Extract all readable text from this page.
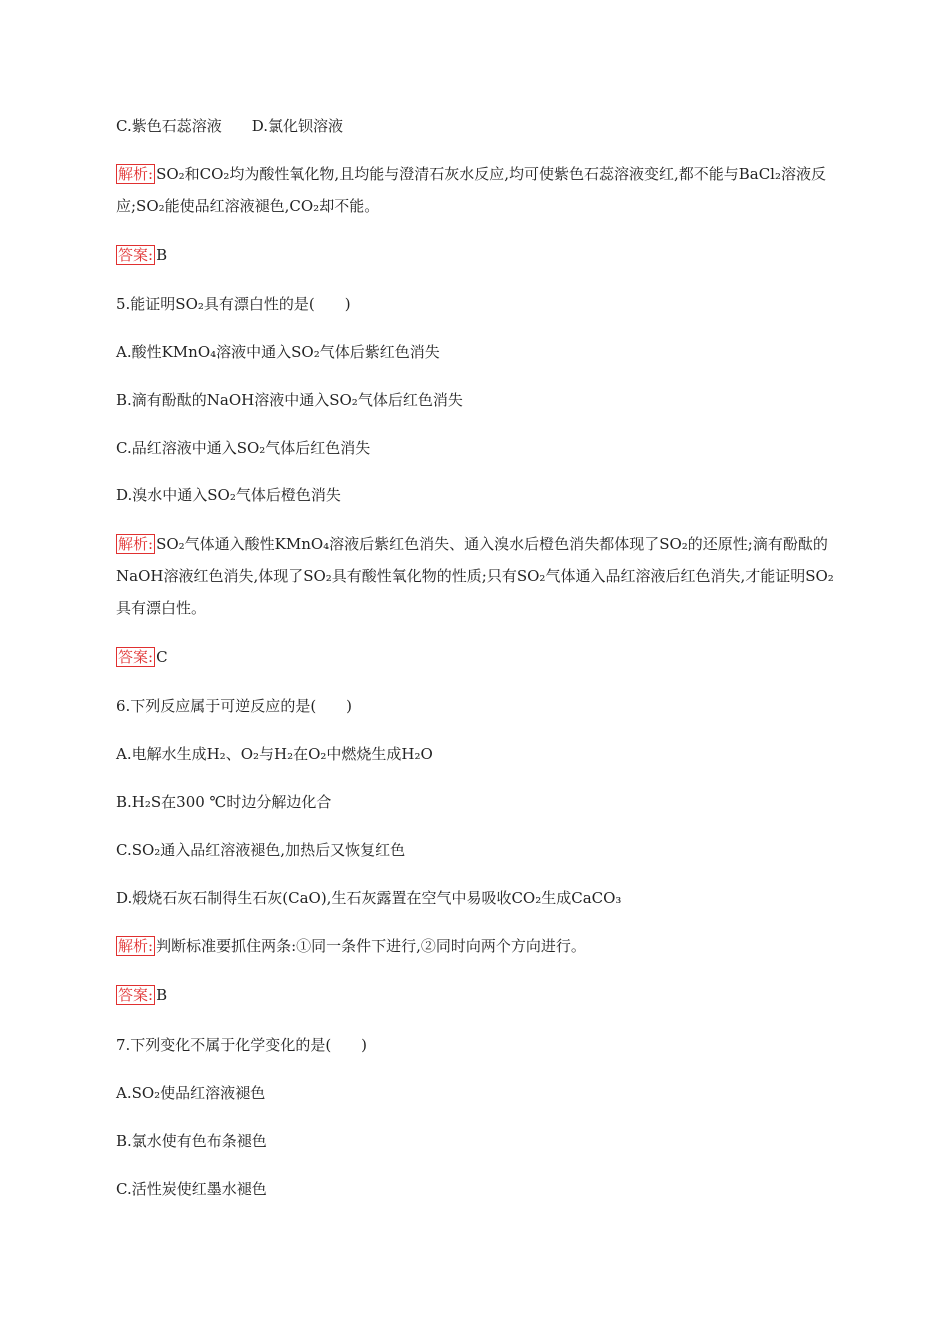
C.紫色石蕊溶液 D.氯化钡溶液
解析: SO₂和CO₂均为酸性氧化物,且均能与澄清石灰水反应,均可使紫色石蕊溶液变红,都不能与BaCl₂溶液反应;SO₂能使品红溶液褪色,CO₂却不能。
答案: B
5.能证明SO₂具有漂白性的是(　　)
A.酸性KMnO₄溶液中通入SO₂气体后紫红色消失
B.滴有酚酞的NaOH溶液中通入SO₂气体后红色消失
C.品红溶液中通入SO₂气体后红色消失
D.溴水中通入SO₂气体后橙色消失
解析: SO₂气体通入酸性KMnO₄溶液后紫红色消失、通入溴水后橙色消失都体现了SO₂的还原性;滴有酚酞的NaOH溶液红色消失,体现了SO₂具有酸性氧化物的性质;只有SO₂气体通入品红溶液后红色消失,才能证明SO₂具有漂白性。
答案: C
6.下列反应属于可逆反应的是(　　)
A.电解水生成H₂、O₂与H₂在O₂中燃烧生成H₂O
B.H₂S在300 ℃时边分解边化合
C.SO₂通入品红溶液褪色,加热后又恢复红色
D.煅烧石灰石制得生石灰(CaO),生石灰露置在空气中易吸收CO₂生成CaCO₃
解析: 判断标准要抓住两条:①同一条件下进行,②同时向两个方向进行。
答案: B
7.下列变化不属于化学变化的是(　　)
A.SO₂使品红溶液褪色
B.氯水使有色布条褪色
C.活性炭使红墨水褪色
